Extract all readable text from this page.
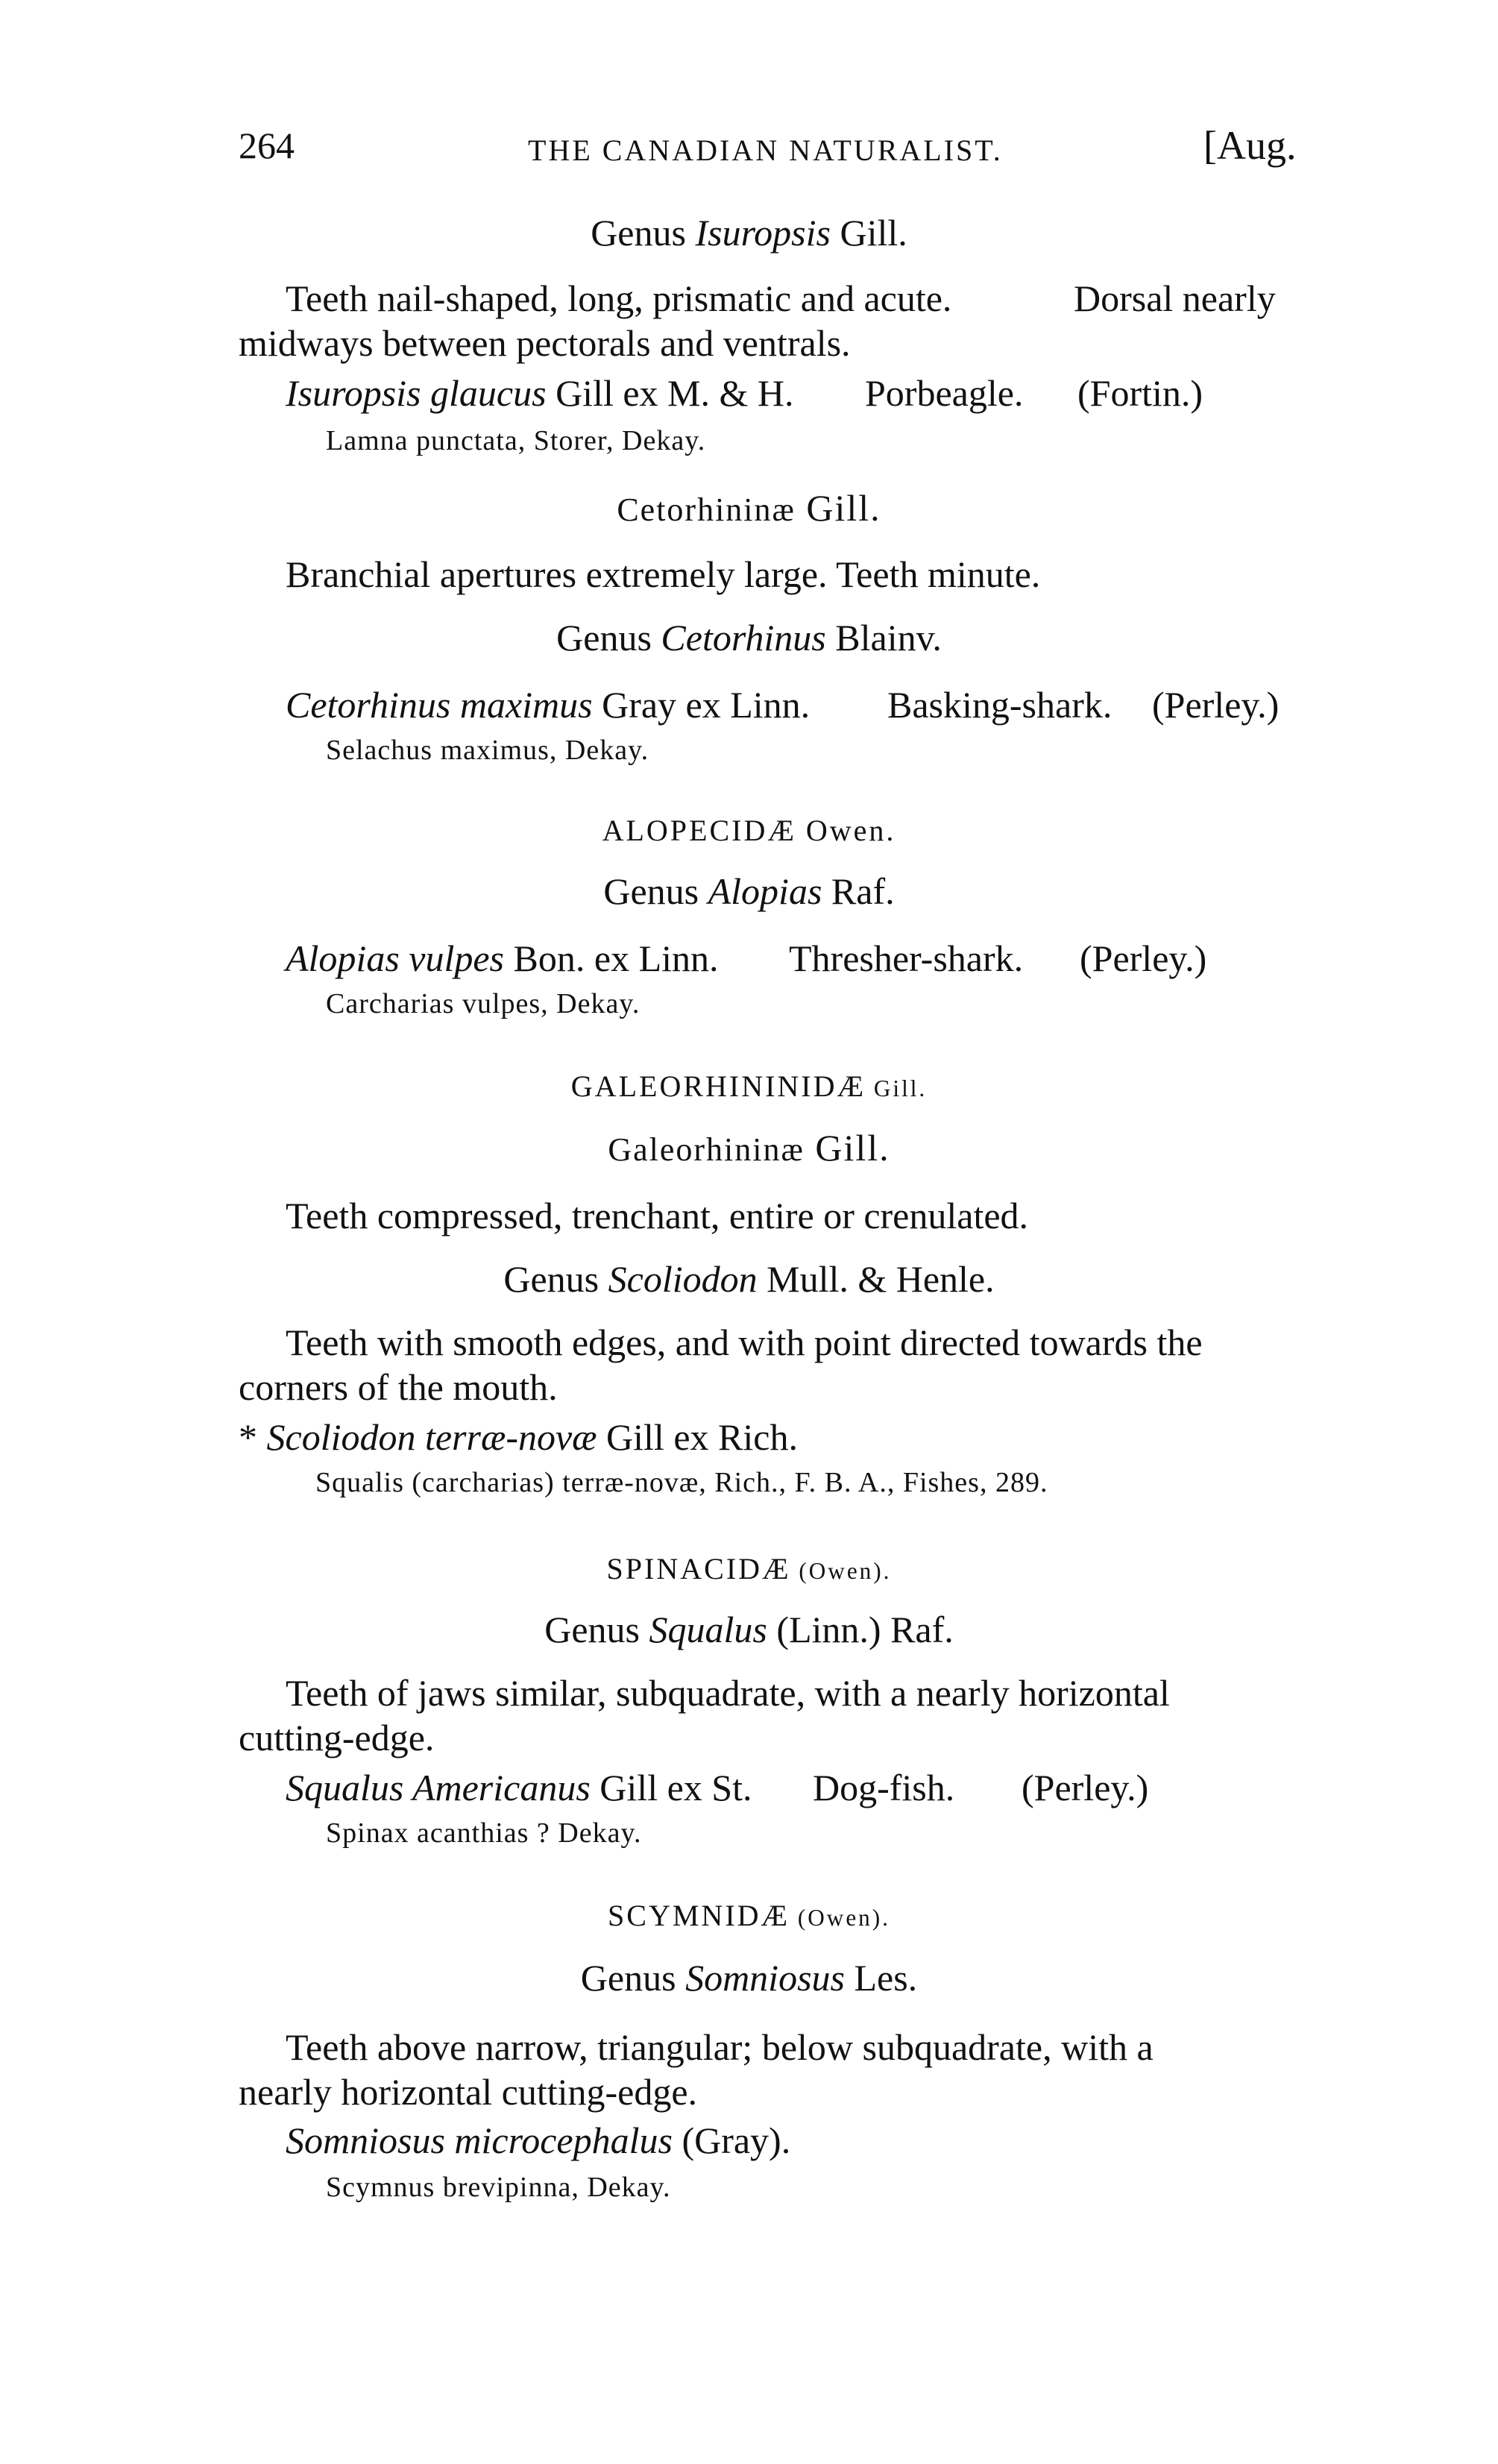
264	THE CANADIAN NATURALIST.	[Aug.
Genus Isuropsis Gill.
Teeth nail-shaped, long, prismatic and acute.	Dorsal nearly
midways between pectorals and ventrals.
Isuropsis glaucus Gill ex M. & H. Porbeagle. (Fortin.)
Lamna punctata, Storer, Dekay.
Cetorhininæ Gill.
Branchial apertures extremely large. Teeth minute.
Genus Cetorhinus Blainv.
Cetorhinus maximus Gray ex Linn. Basking-shark. (Perley.)
Selachus maximus, Dekay.
ALOPECIDÆ Owen.
Genus Alopias Raf.
Alopias vulpes Bon. ex Linn. Thresher-shark. (Perley.)
Carcharias vulpes, Dekay.
GALEORHININIDÆ Gill.
Galeorhininæ Gill.
Teeth compressed, trenchant, entire or crenulated.
Genus Scoliodon Mull. & Henle.
Teeth with smooth edges, and with point directed towards the
corners of the mouth.
* Scoliodon terræ-novæ Gill ex Rich.
Squalis (carcharias) terræ-novæ, Rich., F. B. A., Fishes, 289.
SPINACIDÆ (Owen).
Genus Squalus (Linn.) Raf.
Teeth of jaws similar, subquadrate, with a nearly horizontal
cutting-edge.
Squalus Americanus Gill ex St. Dog-fish. (Perley.)
Spinax acanthias ? Dekay.
SCYMNIDÆ (Owen).
Genus Somniosus Les.
Teeth above narrow, triangular; below subquadrate, with a
nearly horizontal cutting-edge.
Somniosus microcephalus (Gray).
Scymnus brevipinna, Dekay.
